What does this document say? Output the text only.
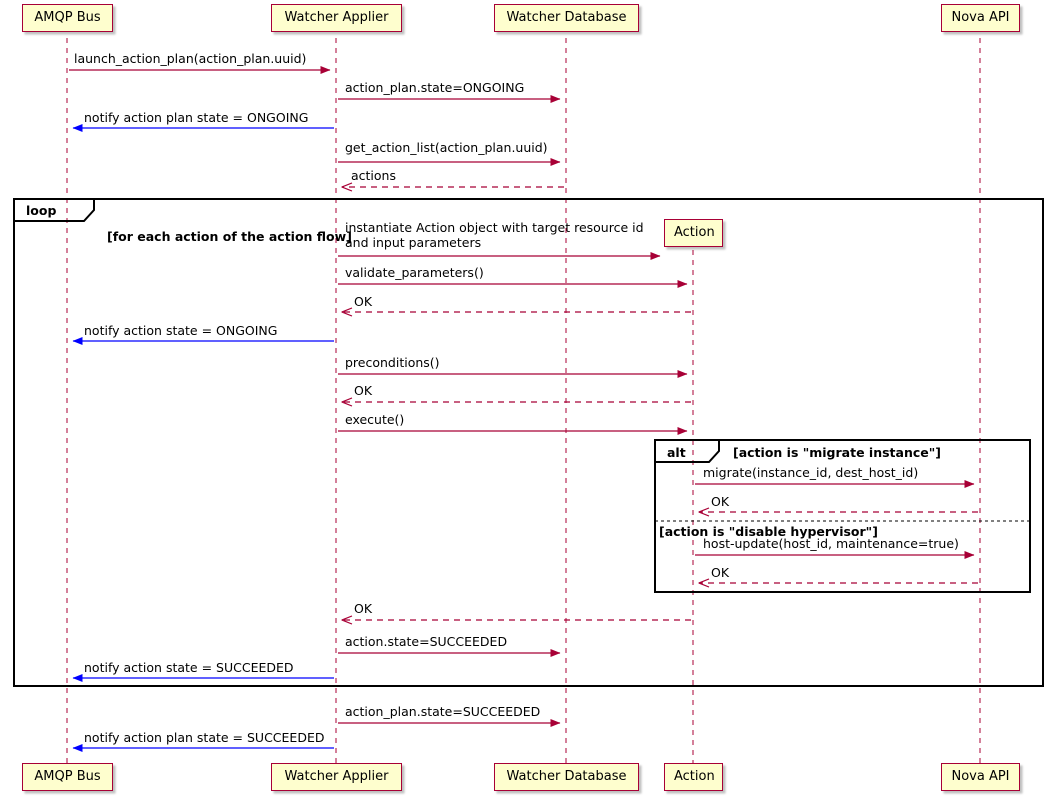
AMQP Bus	Watcher Applier	Watcher Database
Action
Nova API
AMQP Bus	Watcher Applier	Watcher Database	Action	Nova API
loop
[for each action of the action flow]
alt	[action is "migrate instance"]
[action is "disable hypervisor"]
launch_action_plan(action_plan.uuid)
action_plan.state=ONGOING
notify action plan state = ONGOING
get_action_list(action_plan.uuid)
actions
instantiate Action object with target resource id and input parameters
validate_parameters()
OK
notify action state = ONGOING
preconditions()
OK
execute()
migrate(instance_id, dest_host_id)
OK
host-update(host_id, maintenance=true)
OK
OK
action.state=SUCCEEDED
notify action state = SUCCEEDED
action_plan.state=SUCCEEDED
notify action plan state = SUCCEEDED
